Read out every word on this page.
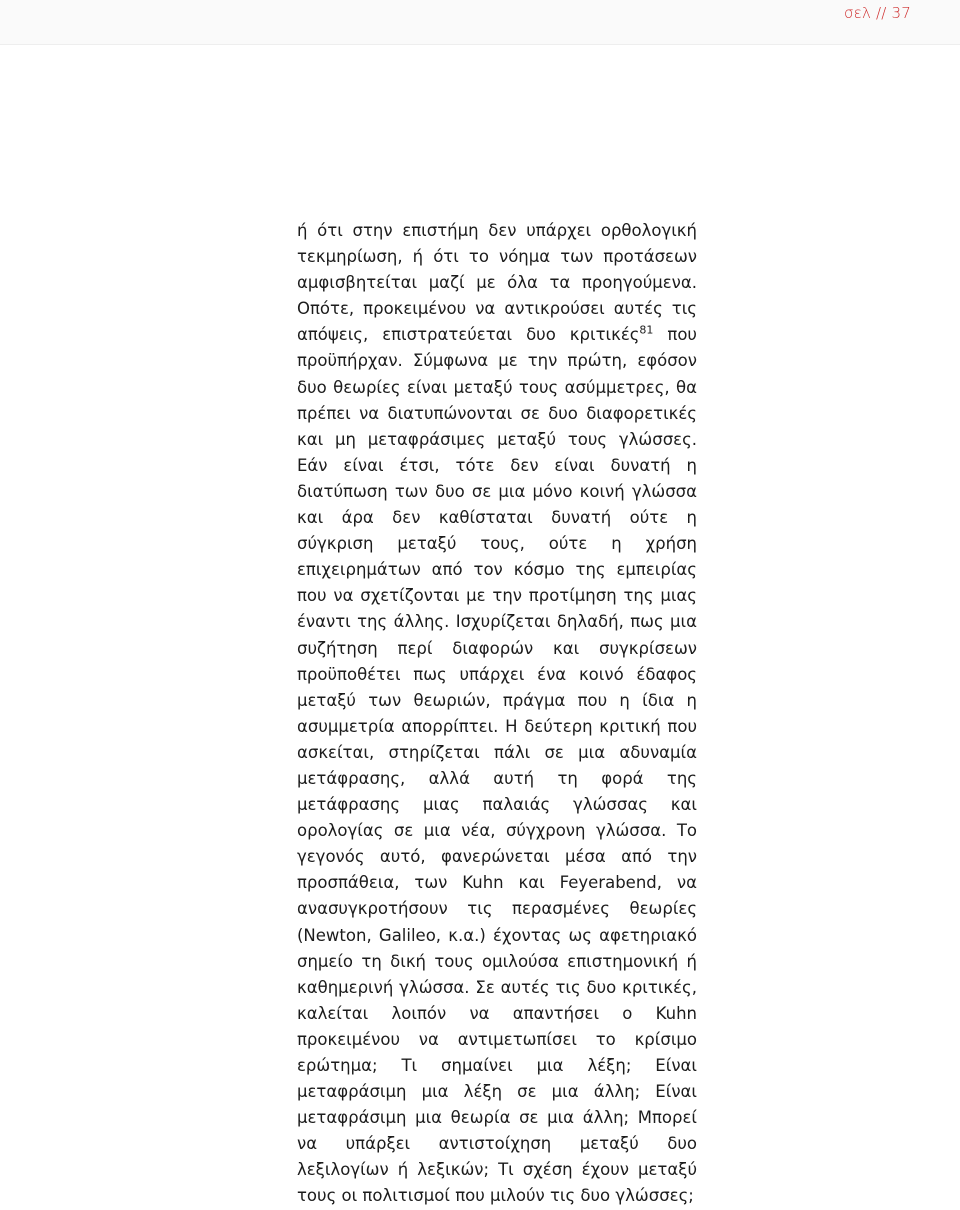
σελ // 37

ή ότι στην επιστήμη δεν υπάρχει ορθολογική τεκμηρίωση, ή ότι το νόημα των προτάσεων αμφισβητείται μαζί με όλα τα προηγούμενα. Οπότε, προκειμένου να αντικρούσει αυτές τις απόψεις, επιστρατεύεται δυο κριτικές$^{81}$ που προϋπήρχαν. Σύμφωνα με την πρώτη, εφόσον δυο θεωρίες είναι μεταξύ τους ασύμμετρες, θα πρέπει να διατυπώνονται σε δυο διαφορετικές και μη μεταφράσιμες μεταξύ τους γλώσσες. Εάν είναι έτσι, τότε δεν είναι δυνατή η διατύπωση των δυο σε μια μόνο κοινή γλώσσα και άρα δεν καθίσταται δυνατή ούτε η σύγκριση μεταξύ τους, ούτε η χρήση επιχειρημάτων από τον κόσμο της εμπειρίας που να σχετίζονται με την προτίμηση της μιας έναντι της άλλης. Ισχυρίζεται δηλαδή, πως μια συζήτηση περί διαφορών και συγκρίσεων προϋποθέτει πως υπάρχει ένα κοινό έδαφος μεταξύ των θεωριών, πράγμα που η ίδια η ασυμμετρία απορρίπτει. Η δεύτερη κριτική που ασκείται, στηρίζεται πάλι σε μια αδυναμία μετάφρασης, αλλά αυτή τη φορά της μετάφρασης μιας παλαιάς γλώσσας και ορολογίας σε μια νέα, σύγχρονη γλώσσα. Το γεγονός αυτό, φανερώνεται μέσα από την προσπάθεια, των Kuhn και Feyerabend, να ανασυγκροτήσουν τις περασμένες θεωρίες (Newton, Galileo, κ.α.) έχοντας ως αφετηριακό σημείο τη δική τους ομιλούσα επιστημονική ή καθημερινή γλώσσα. Σε αυτές τις δυο κριτικές, καλείται λοιπόν να απαντήσει ο Kuhn προκειμένου να αντιμετωπίσει το κρίσιμο ερώτημα; Τι σημαίνει μια λέξη; Είναι μεταφράσιμη μια λέξη σε μια άλλη; Είναι μεταφράσιμη μια θεωρία σε μια άλλη; Μπορεί να υπάρξει αντιστοίχηση μεταξύ δυο λεξιλογίων ή λεξικών; Τι σχέση έχουν μεταξύ τους οι πολιτισμοί που μιλούν τις δυο γλώσσες;
